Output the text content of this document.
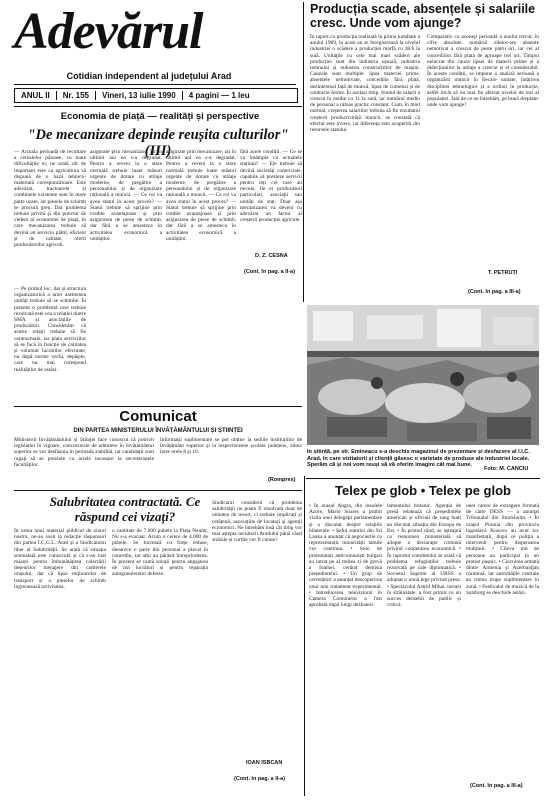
Adevărul
Cotidian independent al județului Arad
ANUL II	Nr. 155	Vineri, 13 iulie 1990	4 pagini — 1 leu
Producția scade, absențele și salariile cresc. Unde vom ajunge?
În raport cu producția realizată în prima jumătate a anului 1989, în acest an se înregistrează la nivelul industriei o scădere a producției marfă cu 38,6 la sută. Unităţile cu cele mai mari scăderi ale producției sunt din industria ușoară, industria lemnului și industria construcțiilor de mașini. Cauzele sunt multiple: lipsa materiei prime, absențele nemotivate, concediile fără plată, dezinteresul față de muncă, lipsa de comenzi și de contracte ferme. În același timp, fondul de salarii a crescut în medie cu 11 la sută, iar numărul mediu de personal a rămas practic constant. Cum, în mod normal, creșterea salariilor trebuia să fie rezultatul creșterii productivității muncii, se constată că efectul este invers, iar diferența este acoperită din resursele statului.
Comparativ cu aceeași perioadă a anului trecut, în cifre absolute, numărul zilelor-om absente nemotivat a crescut de peste patru ori, iar cel al concediilor fără plată de aproape trei ori. Timpul nelucrat din cauza lipsei de materii prime și a defecțiunilor la utilaje a crescut și el considerabil. În aceste condiții, se impune o analiză serioasă a organizării muncii în fiecare unitate, întărirea disciplinei tehnologice și a ordinii în producție, astfel încât să nu mai fie afectat nivelul de trai al populației. Iată de ce ne întrebăm, pe bună dreptate: unde vom ajunge?
T. PETRUȚI
(Cont. în pag. a III-a)
Economia de piață — realități și perspective
"De mecanizare depinde reușita culturilor" (III)
— Actuala perioadă de recoltare a cerealelor păioase, cu toate dificultățile ei, ne arată cât de important este ca agricultura să dispună de o bază tehnico-materială corespunzătoare. Este adevărat, tractoarele și combinele existente sunt în mare parte uzate, iar piesele de schimb se procură greu. Dar problema trebuie privită și din punctul de vedere al economiei de piață, în care mecanizarea trebuie să devină un serviciu plătit, eficient și de calitate, oferit producătorilor agricoli.
— Pe primul loc, dar și structura organizatorică a unor asemenea unități trebuie să se schimbe. În prezent o problemă care trebuie rezolvată este cea a relației dintre SMA și asociațiile de producători. Considerăm că aceste relații trebuie să fie contractuale, iar plata serviciilor să se facă în funcție de calitatea și volumul lucrărilor efectuate, nu după norme vechi, depășite, care nu mai corespund realităților de astăzi.
asigurate prin mecanizare, iar în ultimii ani ea s-a degradat. Pentru a reveni la o stare normală trebuie luate măsuri urgente de dotare cu utilaje moderne, de pregătire a personalului și de organizare rațională a muncii. — Ce rol va avea statul în acest proces? — Statul trebuie să sprijine prin credite avantajoase și prin asigurarea de piese de schimb, dar fără a se amesteca în activitatea economică a unităților.
asigurate prin mecanizare, iar în ultimii ani ea s-a degradat. Pentru a reveni la o stare normală trebuie luate măsuri urgente de dotare cu utilaje moderne, de pregătire a personalului și de organizare rațională a muncii. — Ce rol va avea statul în acest proces? — Statul trebuie să sprijine prin credite avantajoase și prin asigurarea de piese de schimb, dar fără a se amesteca în activitatea economică a unităților.
fără acele condiții. — Ce se va întâmpla cu actualele stațiuni? — Ele trebuie să devină societăți comerciale, capabile să presteze servicii pentru toți cei care au nevoie, fie ei producători particulari, asociații sau unități de stat. Doar așa mecanizarea va deveni cu adevărat un factor al creșterii producției agricole.
D. Z. CESNA
(Cont. în pag. a II-a)
În știință, pe str. Emineacu s-a deschis magazinul de prezentare și desfacere al I.I.C. Arad, în care vizitatorii și clienții găsesc o varietate de produse ale industriei locale. Sperăm că și noi vom reuși să vă oferim imagini cât mai bune.
Foto: M. CANCIU
Comunicat
DIN PARTEA MINISTERULUI ÎNVĂȚĂMÂNTULUI ȘI ȘTIINȚEI
Ministerul Învățământului și Științei face cunoscut că potrivit legislației în vigoare, concursurile de admitere în învățământul superior se vor desfășura în perioada stabilită, iar candidații sunt rugați să se prezinte cu actele necesare la secretariatele facultăților.
Informații suplimentare se pot obține la sediile instituțiilor de învățământ superior și la inspectoratele școlare județene, zilnic între orele 8 și 16.
(Rompres)
Salubritatea contractată. Ce răspund cei vizați?
În urma unui material publicat de ziarul nostru, ne-au sosit la redacție răspunsuri din partea I.C.G.L. Arad și a Sindicatului liber al Salubrității. Se arată că situația semnalată este cunoscută și că s-au luat măsuri pentru îmbunătățirea colectării deșeurilor menajere din cartierele orașului, dar că lipsa mijloacelor de transport și a pieselor de schimb îngreunează activitatea.
o cantitate de 7.000 pubele la Piața Neamț. Nu s-a evacuat. Acum o cerere de 4.000 de pubele. Se lucrează cu forțe reduse, deoarece o parte din personal a plecat în concediu, iar alții au părăsit întreprinderea. În prezent se caută soluții pentru angajarea de noi lucrători și pentru reparația autogunoierelor defecte.
Sindicatul consideră că problema salubrității nu poate fi rezolvată doar de unitatea de resort, ci trebuie implicați și cetățenii, asociațiile de locatari și agenții economici. Ne întrebăm însă cât timp vor mai aștepta locuitorii Aradului până când străzile și curțile vor fi curate?
IOAN ISBCAN
(Cont. în pag. a II-a)
Telex pe glob • Telex pe glob
• În orașul Angra, din insulele Azore, Mario Soares a primit vizita unei delegații parlamentare și a discutat despre relațiile bilaterale. • Şeful statului din Sri Lanka a anunțat că negocierile cu reprezentanții minorității tamile vor continua. • Soto de protestatari anticomuniști bulgari au intrat pe al treilea zi de grevă a foamei, cerând demisia președintelui. • Un grup de cercetători a anunțat descoperirea unui nou tratament experimental. • Introducerea televiziunii în Camera Comunelor a fost aprobată după lungi dezbateri.
lamentului britanic. Agenția de presă relatează că președintele american și oficiali de rang înalt au discutat situația din Europa de Est. • În primul rând, se așteaptă ca reuniunea ministerială să adopte o declarație comună privind cooperarea economică. • În raportul comitetului se arată că problema refugiaților trebuie rezolvată pe cale diplomatică. • Sovietul Suprem al URSS a adoptat o nouă lege privind presa. • Spectacolul Astrid Mihai, turneu în străinătate, a fost primit cu un succes deosebit de public și critică.
unei carere de extragere formată de către DESS — a anunțat Tribunalul din Stockholm. • În orașul Prouna din provincia iugoslavă Kosovo au avut loc manifestații, după ce poliția a intervenit pentru dispersarea mulțimii. • Cîteva mii de persoane au participat la un protest pașnic. • Ciocnirea armată dintre Armenia și Azerbaidjan continuă, iar autoritățile centrale au trimis trupe suplimentare în zonă. • Festivalul de muzică de la Salzburg se deschide astăzi.
(Cont. în pag. a III-a)
